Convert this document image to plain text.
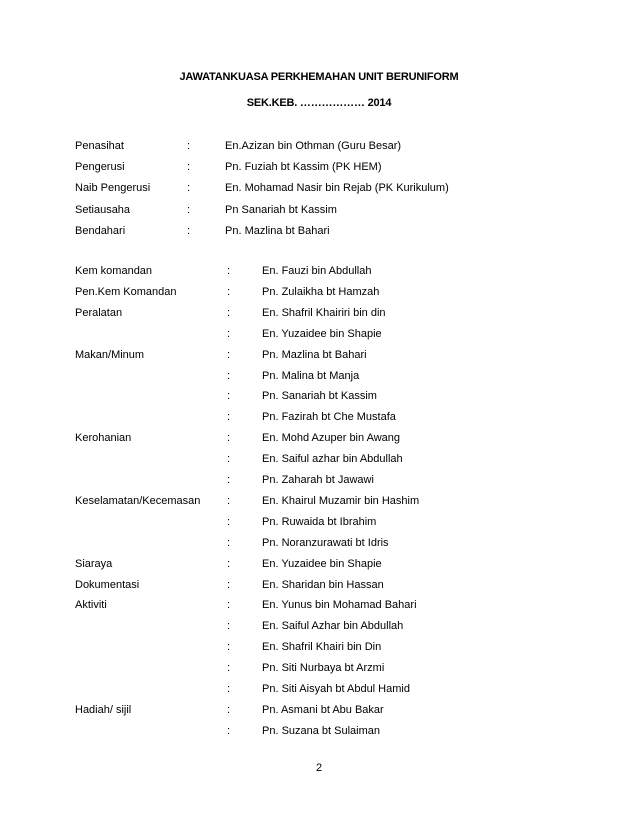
JAWATANKUASA PERKHEMAHAN UNIT BERUNIFORM
SEK.KEB. ……………… 2014
Penasihat	:	En.Azizan bin Othman (Guru Besar)
Pengerusi	:	Pn. Fuziah bt Kassim (PK HEM)
Naib Pengerusi	:	En. Mohamad Nasir bin Rejab (PK Kurikulum)
Setiausaha	:	Pn Sanariah bt Kassim
Bendahari	:	Pn. Mazlina bt Bahari
Kem komandan	:	En. Fauzi bin Abdullah
Pen.Kem Komandan	:	Pn. Zulaikha bt Hamzah
Peralatan	:	En. Shafril Khairiri bin din
:	En. Yuzaidee bin Shapie
Makan/Minum	:	Pn. Mazlina bt Bahari
:	Pn. Malina bt Manja
:	Pn. Sanariah bt Kassim
:	Pn. Fazirah bt Che Mustafa
Kerohanian	:	En. Mohd Azuper bin Awang
:	En. Saiful azhar bin Abdullah
:	Pn. Zaharah bt Jawawi
Keselamatan/Kecemasan :	En. Khairul Muzamir bin Hashim
:	Pn. Ruwaida bt Ibrahim
:	Pn. Noranzurawati bt Idris
Siaraya	:	En. Yuzaidee bin Shapie
Dokumentasi	:	En. Sharidan bin Hassan
Aktiviti	:	En. Yunus bin Mohamad Bahari
:	En. Saiful Azhar bin Abdullah
:	En. Shafril Khairi bin Din
:	Pn. Siti Nurbaya bt Arzmi
:	Pn. Siti Aisyah bt Abdul Hamid
Hadiah/ sijil	:	Pn. Asmani bt Abu Bakar
:	Pn. Suzana bt Sulaiman
2
